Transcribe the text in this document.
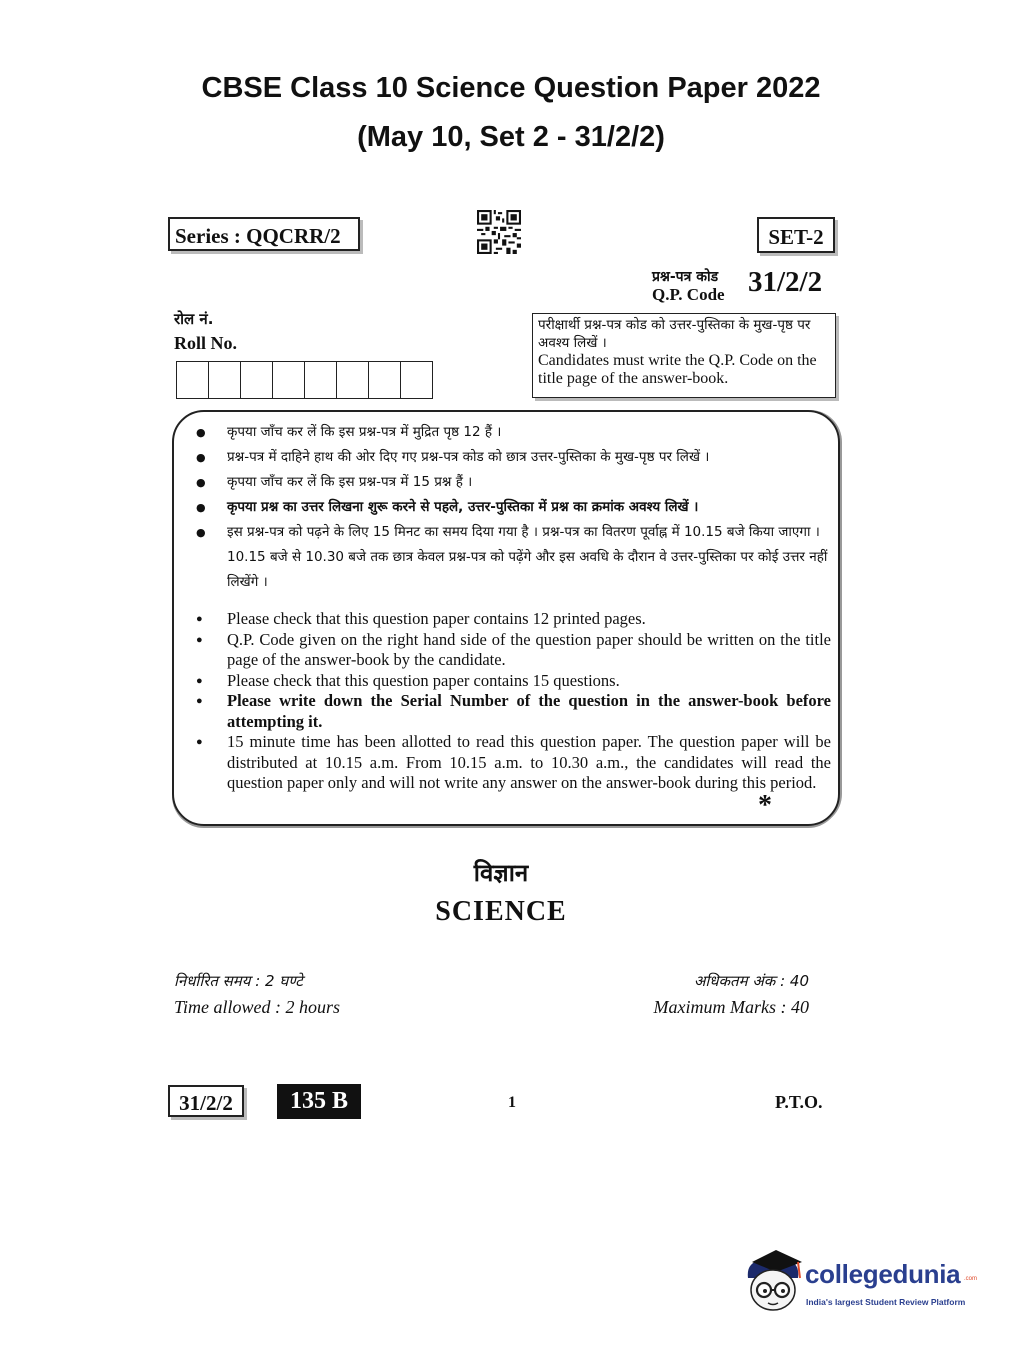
CBSE Class 10 Science Question Paper 2022
(May 10, Set 2 - 31/2/2)
Series : QQCRR/2	SET-2
प्रश्न-पत्र कोड
Q.P. Code 31/2/2
रोल नं.
Roll No.
परीक्षार्थी प्रश्न-पत्र कोड को उत्तर-पुस्तिका के मुख-पृष्ठ पर अवश्य लिखें ।
Candidates must write the Q.P. Code on the title page of the answer-book.
● कृपया जाँच कर लें कि इस प्रश्न-पत्र में मुद्रित पृष्ठ 12 हैं ।
● प्रश्न-पत्र में दाहिने हाथ की ओर दिए गए प्रश्न-पत्र कोड को छात्र उत्तर-पुस्तिका के मुख-पृष्ठ पर लिखें ।
● कृपया जाँच कर लें कि इस प्रश्न-पत्र में 15 प्रश्न हैं ।
● कृपया प्रश्न का उत्तर लिखना शुरू करने से पहले, उत्तर-पुस्तिका में प्रश्न का क्रमांक अवश्य लिखें ।
● इस प्रश्न-पत्र को पढ़ने के लिए 15 मिनट का समय दिया गया है । प्रश्न-पत्र का वितरण पूर्वाह्न में 10.15 बजे किया जाएगा । 10.15 बजे से 10.30 बजे तक छात्र केवल प्रश्न-पत्र को पढ़ेंगे और इस अवधि के दौरान वे उत्तर-पुस्तिका पर कोई उत्तर नहीं लिखेंगे ।
● Please check that this question paper contains 12 printed pages.
● Q.P. Code given on the right hand side of the question paper should be written on the title page of the answer-book by the candidate.
● Please check that this question paper contains 15 questions.
● Please write down the Serial Number of the question in the answer-book before attempting it.
● 15 minute time has been allotted to read this question paper. The question paper will be distributed at 10.15 a.m. From 10.15 a.m. to 10.30 a.m., the candidates will read the question paper only and will not write any answer on the answer-book during this period.
*
विज्ञान
SCIENCE
निर्धारित समय : 2 घण्टे
Time allowed : 2 hours
अधिकतम अंक : 40
Maximum Marks : 40
31/2/2	135 B	1	P.T.O.
.com
collegedunia
India's largest Student Review Platform
